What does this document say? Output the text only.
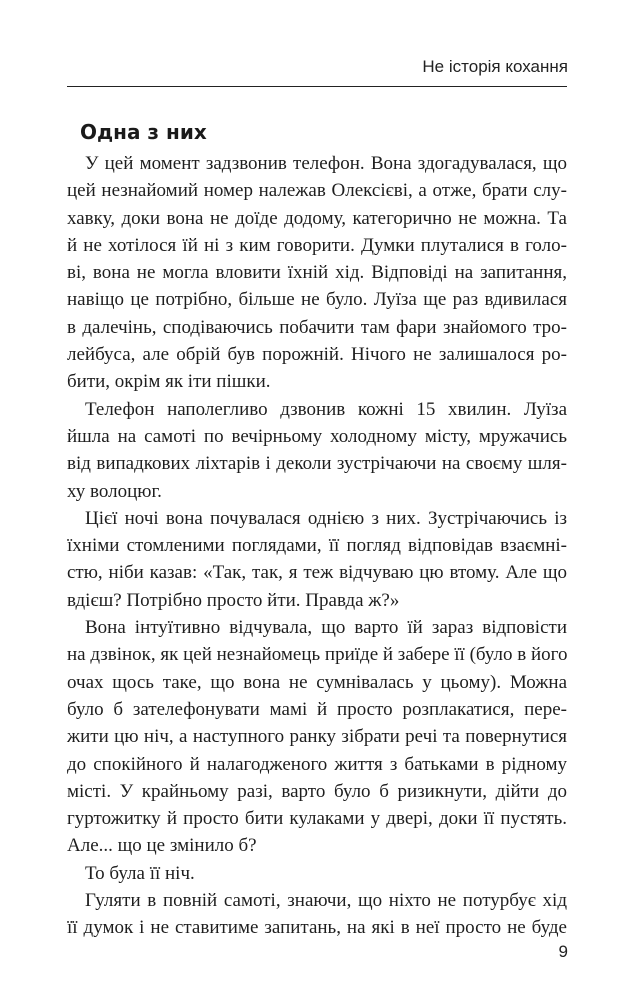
Не історія кохання
Одна з них
У цей момент задзвонив телефон. Вона здогадувалася, що
цей незнайомий номер належав Олексієві, а отже, брати слу-
хавку, доки вона не доїде додому, категорично не можна. Та
й не хотілося їй ні з ким говорити. Думки плуталися в голо-
ві, вона не могла вловити їхній хід. Відповіді на запитання,
навіщо це потрібно, більше не було. Луїза ще раз вдивилася
в далечінь, сподіваючись побачити там фари знайомого тро-
лейбуса, але обрій був порожній. Нічого не залишалося ро-
бити, окрім як іти пішки.
Телефон наполегливо дзвонив кожні 15 хвилин. Луїза
йшла на самоті по вечірньому холодному місту, мружачись
від випадкових ліхтарів і деколи зустрічаючи на своєму шля-
ху волоцюг.
Цієї ночі вона почувалася однією з них. Зустрічаючись із
їхніми стомленими поглядами, її погляд відповідав взаємні-
стю, ніби казав: «Так, так, я теж відчуваю цю втому. Але що
вдієш? Потрібно просто йти. Правда ж?»
Вона інтуїтивно відчувала, що варто їй зараз відповісти
на дзвінок, як цей незнайомець приїде й забере її (було в його
очах щось таке, що вона не сумнівалась у цьому). Можна
було б зателефонувати мамі й просто розплакатися, пере-
жити цю ніч, а наступного ранку зібрати речі та повернутися
до спокійного й налагодженого життя з батьками в рідному
місті. У крайньому разі, варто було б ризикнути, дійти до
гуртожитку й просто бити кулаками у двері, доки її пустять.
Але... що це змінило б?
То була її ніч.
Гуляти в повній самоті, знаючи, що ніхто не потурбує хід
її думок і не ставитиме запитань, на які в неї просто не буде
9
